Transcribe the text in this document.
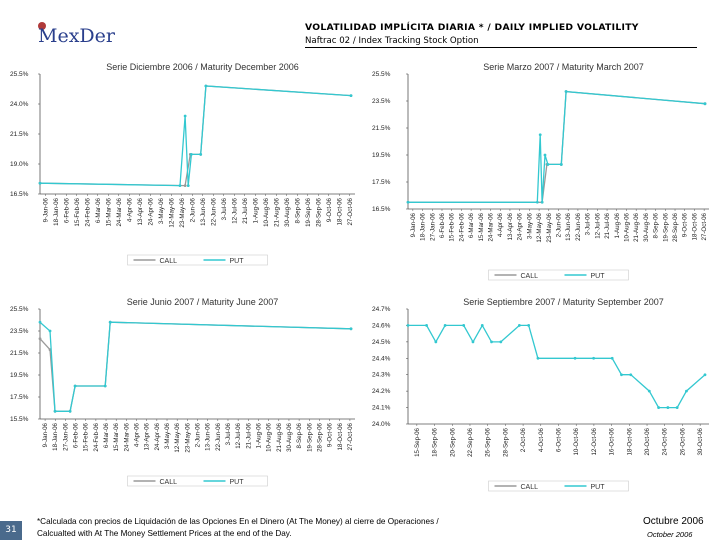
MexDer	VOLATILIDAD IMPLÍCITA DIARIA * / DAILY IMPLIED VOLATILITY
Naftrac 02 / Index Tracking Stock Option
Serie Diciembre 2006 / Maturity December 2006
16.5%
19.0%
21.5%
24.0%
25.5%
9-Jan-06 18-Jan-06 6-Feb-06 15-Feb-06 24-Feb-06 6-Mar-06 15-Mar-06 24-Mar-06 4-Apr-06 13-Apr-06 24-Apr-06 3-May-06 12-May-06 23-May-06 2-Jun-06 13-Jun-06 22-Jun-06 3-Jul-06 12-Jul-06 21-Jul-06 1-Aug-06 10-Aug-06 21-Aug-06 30-Aug-06 8-Sep-06 19-Sep-06 28-Sep-06 9-Oct-06 18-Oct-06 27-Oct-06
CALL	PUT
Serie Marzo 2007 / Maturity March 2007
16.5%
17.5%
19.5%
21.5%
23.5%
25.5%
9-Jan-06 18-Jan-06 27-Jan-06 6-Feb-06 15-Feb-06 24-Feb-06 6-Mar-06 15-Mar-06 24-Mar-06 4-Apr-06 13-Apr-06 24-Apr-06 3-May-06 12-May-06 23-May-06 2-Jun-06 13-Jun-06 22-Jun-06 3-Jul-06 12-Jul-06 21-Jul-06 1-Aug-06 10-Aug-06 21-Aug-06 30-Aug-06 8-Sep-06 19-Sep-06 28-Sep-06 9-Oct-06 18-Oct-06 27-Oct-06
CALL	PUT
Serie Junio 2007 / Maturity June 2007
15.5%
17.5%
19.5%
21.5%
23.5%
25.5%
9-Jan-06 18-Jan-06 27-Jan-06 6-Feb-06 15-Feb-06 24-Feb-06 6-Mar-06 15-Mar-06 24-Mar-06 4-Apr-06 13-Apr-06 24-Apr-06 3-May-06 12-May-06 23-May-06 2-Jun-06 13-Jun-06 22-Jun-06 3-Jul-06 12-Jul-06 21-Jul-06 1-Aug-06 10-Aug-06 21-Aug-06 30-Aug-06 8-Sep-06 19-Sep-06 28-Sep-06 9-Oct-06 18-Oct-06 27-Oct-06
CALL	PUT
Serie Septiembre 2007 / Maturity September 2007
24.0%
24.1%
24.2%
24.3%
24.4%
24.5%
24.6%
24.7%
15-Sep-06 18-Sep-06 20-Sep-06 22-Sep-06 26-Sep-06 28-Sep-06 2-Oct-06 4-Oct-06 6-Oct-06 10-Oct-06 12-Oct-06 16-Oct-06 18-Oct-06 20-Oct-06 24-Oct-06 26-Oct-06 30-Oct-06
CALL	PUT
31
*Calculada con precios de Liquidación de las Opciones En el Dinero (At The Money) al cierre de Operaciones /
Calcualted with At The Money Settlement Prices at the end of the Day.
Octubre 2006
October 2006
